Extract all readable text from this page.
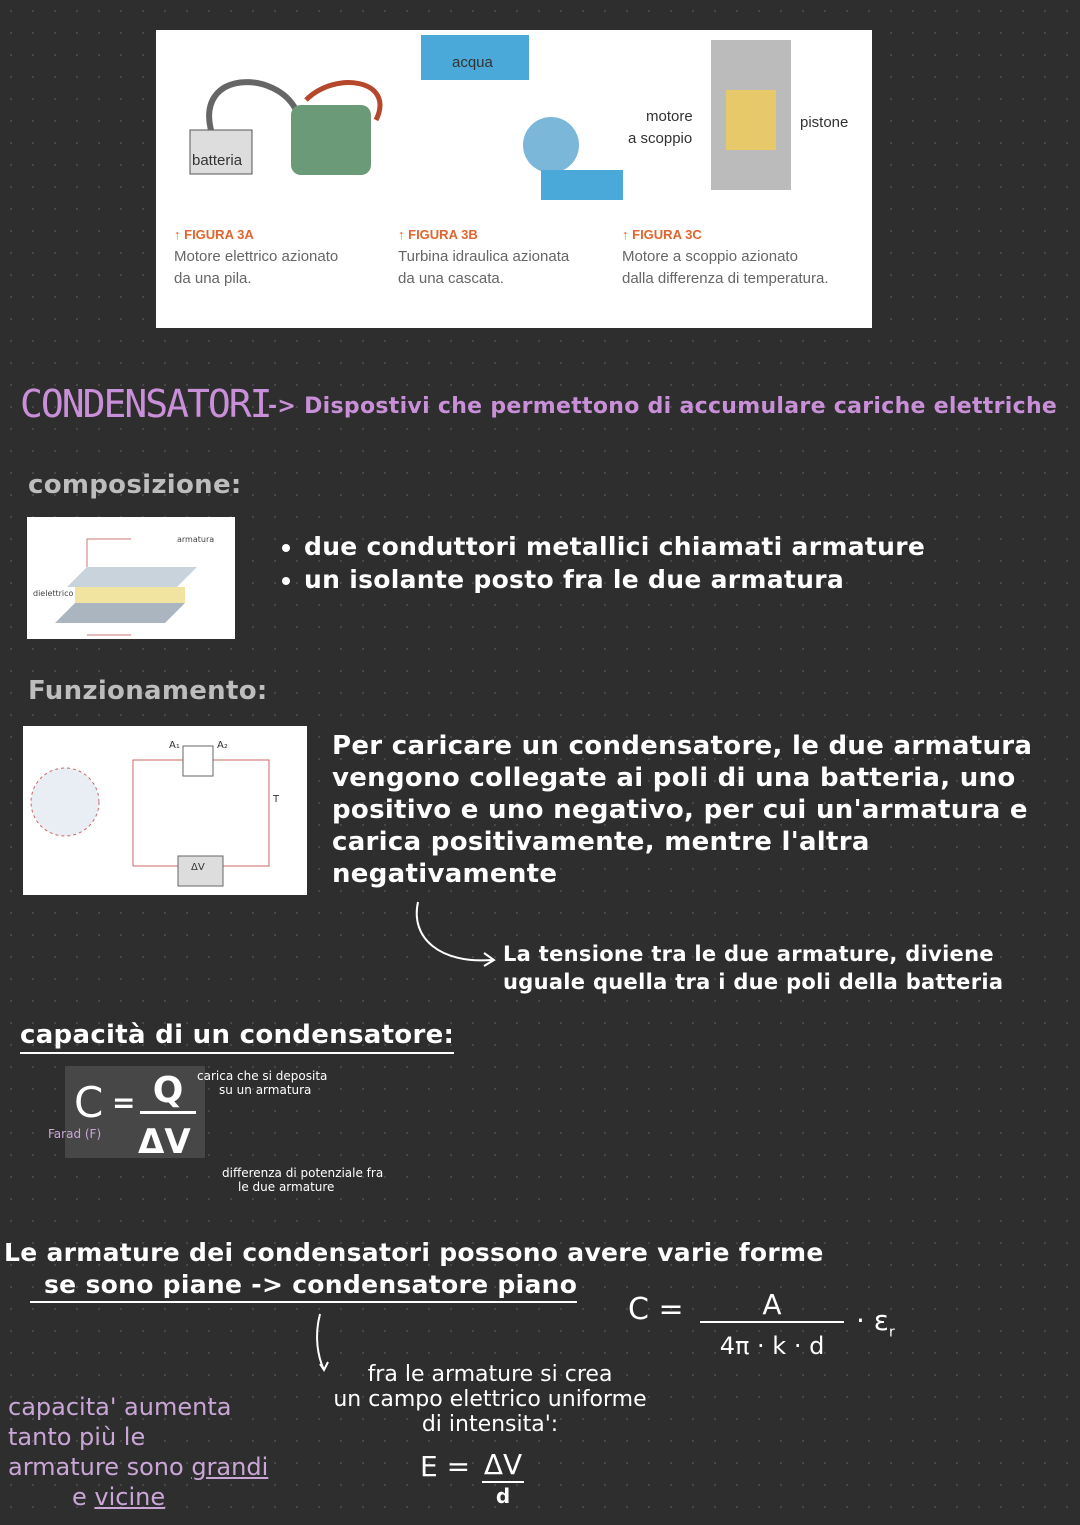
batteria
acqua
motore
a scoppio
pistone
↑ FIGURA 3A
Motore elettrico azionato
da una pila.
↑ FIGURA 3B
Turbina idraulica azionata
da una cascata.
↑ FIGURA 3C
Motore a scoppio azionato
dalla differenza di temperatura.
CONDENSATORI
-> Dispostivi che permettono di accumulare cariche elettriche
composizione:
armatura
dielettrico
• due conduttori metallici chiamati armature
• un isolante posto fra le due armatura
Funzionamento:
A₁	A₂
ΔV
T
Per caricare un condensatore, le due armatura
vengono collegate ai poli di una batteria, uno
positivo e uno negativo, per cui un'armatura e
carica positivamente, mentre l'altra
negativamente
La tensione tra le due armature, diviene
uguale quella tra i due poli della batteria
capacità di un condensatore:
C = Q
ΔV
Farad (F)
carica che si deposita
su un armatura
differenza di potenziale fra
le due armature
Le armature dei condensatori possono avere varie forme
se sono piane -> condensatore piano
C =	A
4π · k · d
· $\varepsilon_r$
fra le armature si crea
un campo elettrico uniforme
di intensita':
E = ΔV
d
capacita' aumenta
tanto più le
armature sono grandi
e vicine
